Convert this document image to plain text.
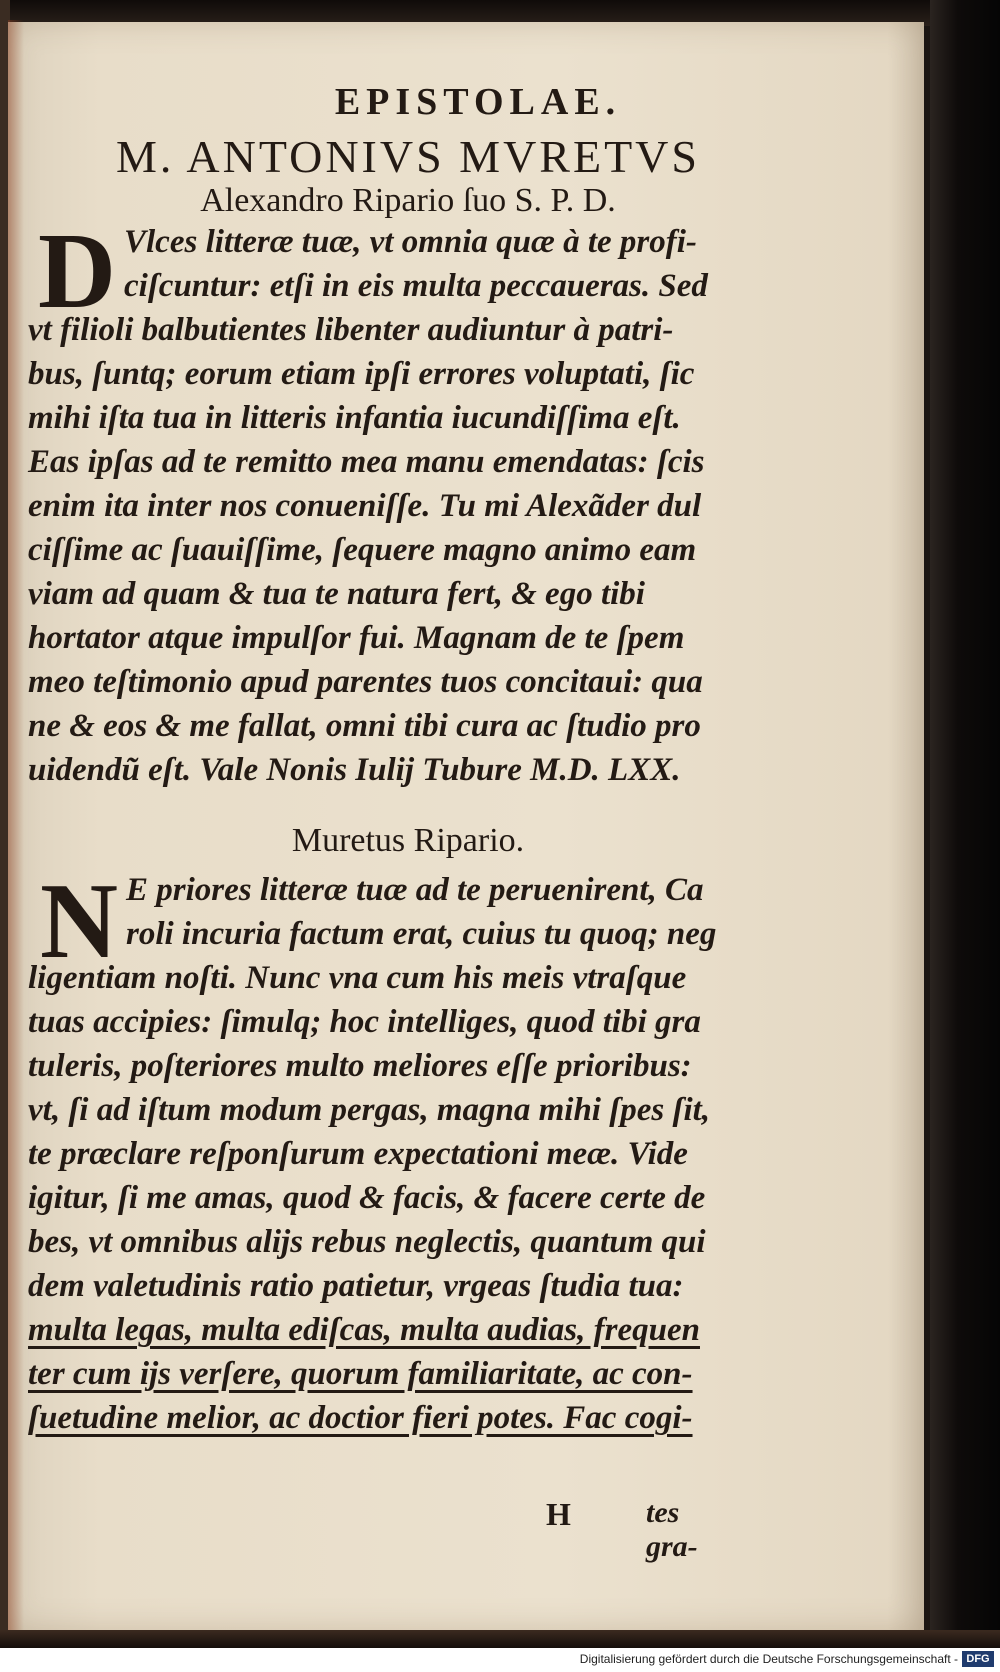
EPISTOLAE.
M. ANTONIVS MVRETVS
Alexandro Ripario ſuo S. P. D.
D Vlces litteræ tuæ, vt omnia quæ à te profi-
ciſcuntur: etſi in eis multa peccaueras. Sed
vt filioli balbutientes libenter audiuntur à patri-
bus, ſuntq; eorum etiam ipſi errores voluptati, ſic
mihi iſta tua in litteris infantia iucundiſſima eſt.
Eas ipſas ad te remitto mea manu emendatas: ſcis
enim ita inter nos conueniſſe. Tu mi Alexãder dul
ciſſime ac ſuauiſſime, ſequere magno animo eam
viam ad quam & tua te natura fert, & ego tibi
hortator atque impulſor fui. Magnam de te ſpem
meo teſtimonio apud parentes tuos concitaui: qua
ne & eos & me fallat, omni tibi cura ac ſtudio pro
uidendũ eſt. Vale Nonis Iulij Tubure M.D. LXX.
Muretus Ripario.
N E priores litteræ tuæ ad te peruenirent, Ca
roli incuria factum erat, cuius tu quoq; neg
ligentiam noſti. Nunc vna cum his meis vtraſque
tuas accipies: ſimulq; hoc intelliges, quod tibi gra
tuleris, poſteriores multo meliores eſſe prioribus:
vt, ſi ad iſtum modum pergas, magna mihi ſpes ſit,
te præclare reſponſurum expectationi meæ. Vide
igitur, ſi me amas, quod & facis, & facere certe de
bes, vt omnibus alijs rebus neglectis, quantum qui
dem valetudinis ratio patietur, vrgeas ſtudia tua:
multa legas, multa ediſcas, multa audias, frequen
ter cum ijs verſere, quorum familiaritate, ac con-
ſuetudine melior, ac doctior fieri potes. Fac cogi-
H	tes gra-
Digitalisierung gefördert durch die Deutsche Forschungsgemeinschaft - DFG
